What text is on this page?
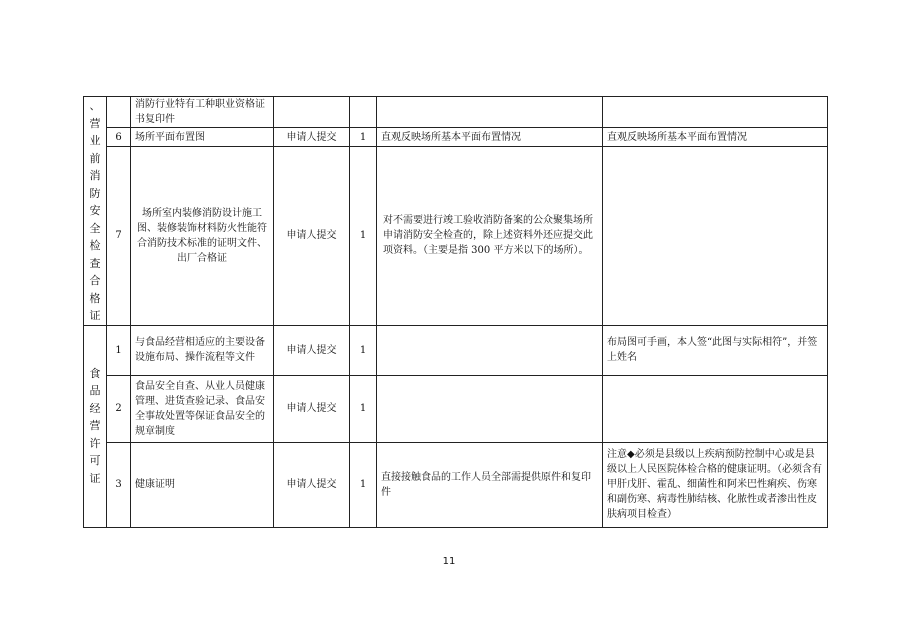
、营业前消防安全检查合格证		消防行业特有工种职业资格证书复印件				
	6	场所平面布置图	申请人提交	1	直观反映场所基本平面布置情况	直观反映场所基本平面布置情况
	7	场所室内装修消防设计施工图、装修装饰材料防火性能符合消防技术标准的证明文件、出厂合格证	申请人提交	1	对不需要进行竣工验收消防备案的公众聚集场所申请消防安全检查的，除上述资料外还应提交此项资料。（主要是指 300 平方米以下的场所）。	

食品经营许可证	1	与食品经营相适应的主要设备设施布局、操作流程等文件	申请人提交	1		布局图可手画，本人签“此图与实际相符”，并签上姓名
	2	食品安全自查、从业人员健康管理、进货查验记录、食品安全事故处置等保证食品安全的规章制度	申请人提交	1		
	3	健康证明	申请人提交	1	直接接触食品的工作人员全部需提供原件和复印件	注意◆必须是县级以上疾病预防控制中心或是县级以上人民医院体检合格的健康证明。（必须含有甲肝戊肝、霍乱、细菌性和阿米巴性痢疾、伤寒和副伤寒、病毒性肺结核、化脓性或者渗出性皮肤病项目检查）
11
